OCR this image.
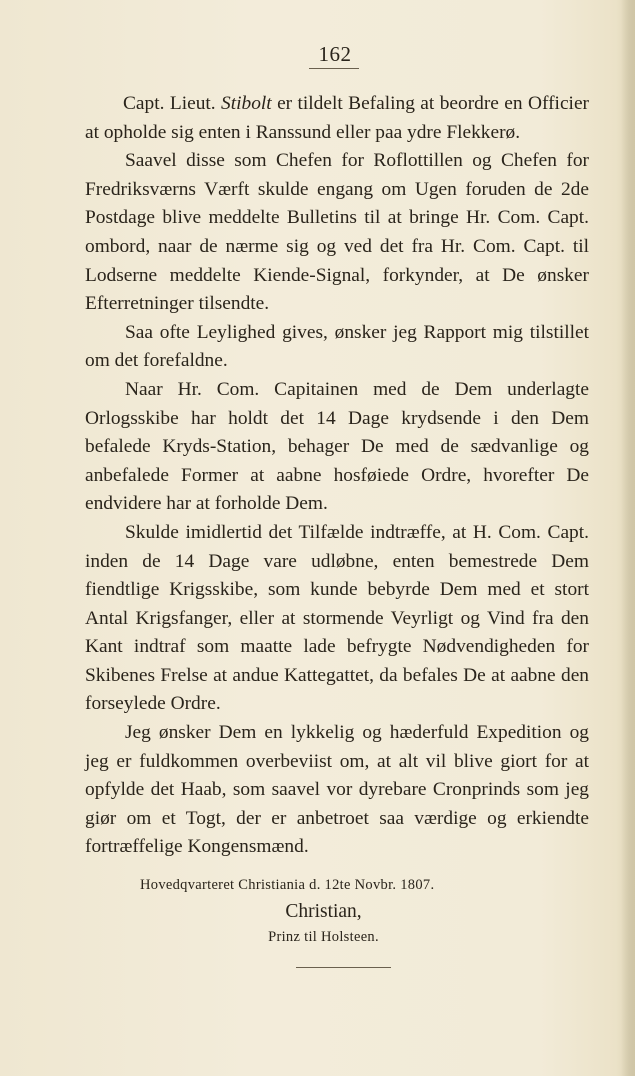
162

Capt. Lieut. Stibolt er tildelt Befaling at beordre en Officier at opholde sig enten i Ranssund eller paa ydre Flekkerø.

Saavel disse som Chefen for Roflottillen og Chefen for Fredriksværns Værft skulde engang om Ugen foruden de 2de Postdage blive meddelte Bulletins til at bringe Hr. Com. Capt. ombord, naar de nærme sig og ved det fra Hr. Com. Capt. til Lodserne meddelte Kiende-Signal, forkynder, at De ønsker Efterretninger tilsendte.

Saa ofte Leylighed gives, ønsker jeg Rapport mig tilstillet om det forefaldne.

Naar Hr. Com. Capitainen med de Dem underlagte Orlogsskibe har holdt det 14 Dage krydsende i den Dem befalede Kryds-Station, behager De med de sædvanlige og anbefalede Former at aabne hosføiede Ordre, hvorefter De endvidere har at forholde Dem.

Skulde imidlertid det Tilfælde indtræffe, at H. Com. Capt. inden de 14 Dage vare udløbne, enten bemestrede Dem fiendtlige Krigsskibe, som kunde bebyrde Dem med et stort Antal Krigsfanger, eller at stormende Veyrligt og Vind fra den Kant indtraf som maatte lade befrygte Nødvendigheden for Skibenes Frelse at andue Kattegattet, da befales De at aabne den forseylede Ordre.

Jeg ønsker Dem en lykkelig og hæderfuld Expedition og jeg er fuldkommen overbeviist om, at alt vil blive giort for at opfylde det Haab, som saavel vor dyrebare Cronprinds som jeg giør om et Togt, der er anbetroet saa værdige og erkiendte fortræffelige Kongensmænd.

Hovedqvarteret Christiania d. 12te Novbr. 1807.
Christian,
Prinz til Holsteen.
